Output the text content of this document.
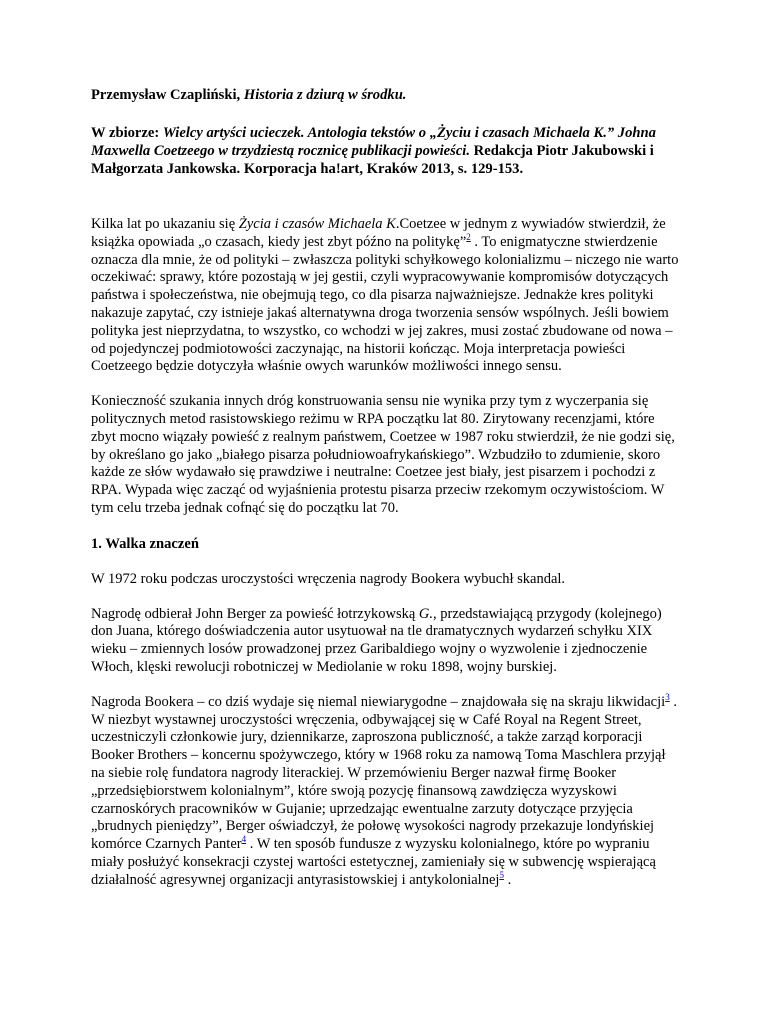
Przemysław Czapliński, Historia z dziurą w środku.

W zbiorze: Wielcy artyści ucieczek. Antologia tekstów o „Życiu i czasach Michaela K.” Johna Maxwella Coetzeego w trzydziestą rocznicę publikacji powieści. Redakcja Piotr Jakubowski i Małgorzata Jankowska. Korporacja ha!art, Kraków 2013, s. 129-153.

Kilka lat po ukazaniu się Życia i czasów Michaela K.Coetzee w jednym z wywiadów stwierdził, że książka opowiada „o czasach, kiedy jest zbyt późno na politykę”$^2$ . To enigmatyczne stwierdzenie oznacza dla mnie, że od polityki – zwłaszcza polityki schyłkowego kolonializmu – niczego nie warto oczekiwać: sprawy, które pozostają w jej gestii, czyli wypracowywanie kompromisów dotyczących państwa i społeczeństwa, nie obejmują tego, co dla pisarza najważniejsze. Jednakże kres polityki nakazuje zapytać, czy istnieje jakaś alternatywna droga tworzenia sensów wspólnych. Jeśli bowiem polityka jest nieprzydatna, to wszystko, co wchodzi w jej zakres, musi zostać zbudowane od nowa – od pojedynczej podmiotowości zaczynając, na historii kończąc. Moja interpretacja powieści Coetzeego będzie dotyczyła właśnie owych warunków możliwości innego sensu.

Konieczność szukania innych dróg konstruowania sensu nie wynika przy tym z wyczerpania się politycznych metod rasistowskiego reżimu w RPA początku lat 80. Zirytowany recenzjami, które zbyt mocno wiązały powieść z realnym państwem, Coetzee w 1987 roku stwierdził, że nie godzi się, by określano go jako „białego pisarza południowoafrykańskiego”. Wzbudziło to zdumienie, skoro każde ze słów wydawało się prawdziwe i neutralne: Coetzee jest biały, jest pisarzem i pochodzi z RPA. Wypada więc zacząć od wyjaśnienia protestu pisarza przeciw rzekomym oczywistościom. W tym celu trzeba jednak cofnąć się do początku lat 70.

1. Walka znaczeń

W 1972 roku podczas uroczystości wręczenia nagrody Bookera wybuchł skandal.

Nagrodę odbierał John Berger za powieść łotrzykowską G., przedstawiającą przygody (kolejnego) don Juana, którego doświadczenia autor usytuował na tle dramatycznych wydarzeń schyłku XIX wieku – zmiennych losów prowadzonej przez Garibaldiego wojny o wyzwolenie i zjednoczenie Włoch, klęski rewolucji robotniczej w Mediolanie w roku 1898, wojny burskiej.

Nagroda Bookera – co dziś wydaje się niemal niewiarygodne – znajdowała się na skraju likwidacji$^3$ . W niezbyt wystawnej uroczystości wręczenia, odbywającej się w Café Royal na Regent Street, uczestniczyli członkowie jury, dziennikarze, zaproszona publiczność, a także zarząd korporacji Booker Brothers – koncernu spożywczego, który w 1968 roku za namową Toma Maschlera przyjął na siebie rolę fundatora nagrody literackiej. W przemówieniu Berger nazwał firmę Booker „przedsiębiorstwem kolonialnym”, które swoją pozycję finansową zawdzięcza wyzyskowi czarnoskórych pracowników w Gujanie; uprzedzając ewentualne zarzuty dotyczące przyjęcia „brudnych pieniędzy”, Berger oświadczył, że połowę wysokości nagrody przekazuje londyńskiej komórce Czarnych Panter$^4$ . W ten sposób fundusze z wyzysku kolonialnego, które po wypraniu miały posłużyć konsekracji czystej wartości estetycznej, zamieniały się w subwencję wspierającą działalność agresywnej organizacji antyrasistowskiej i antykolonialnej$^5$ .
